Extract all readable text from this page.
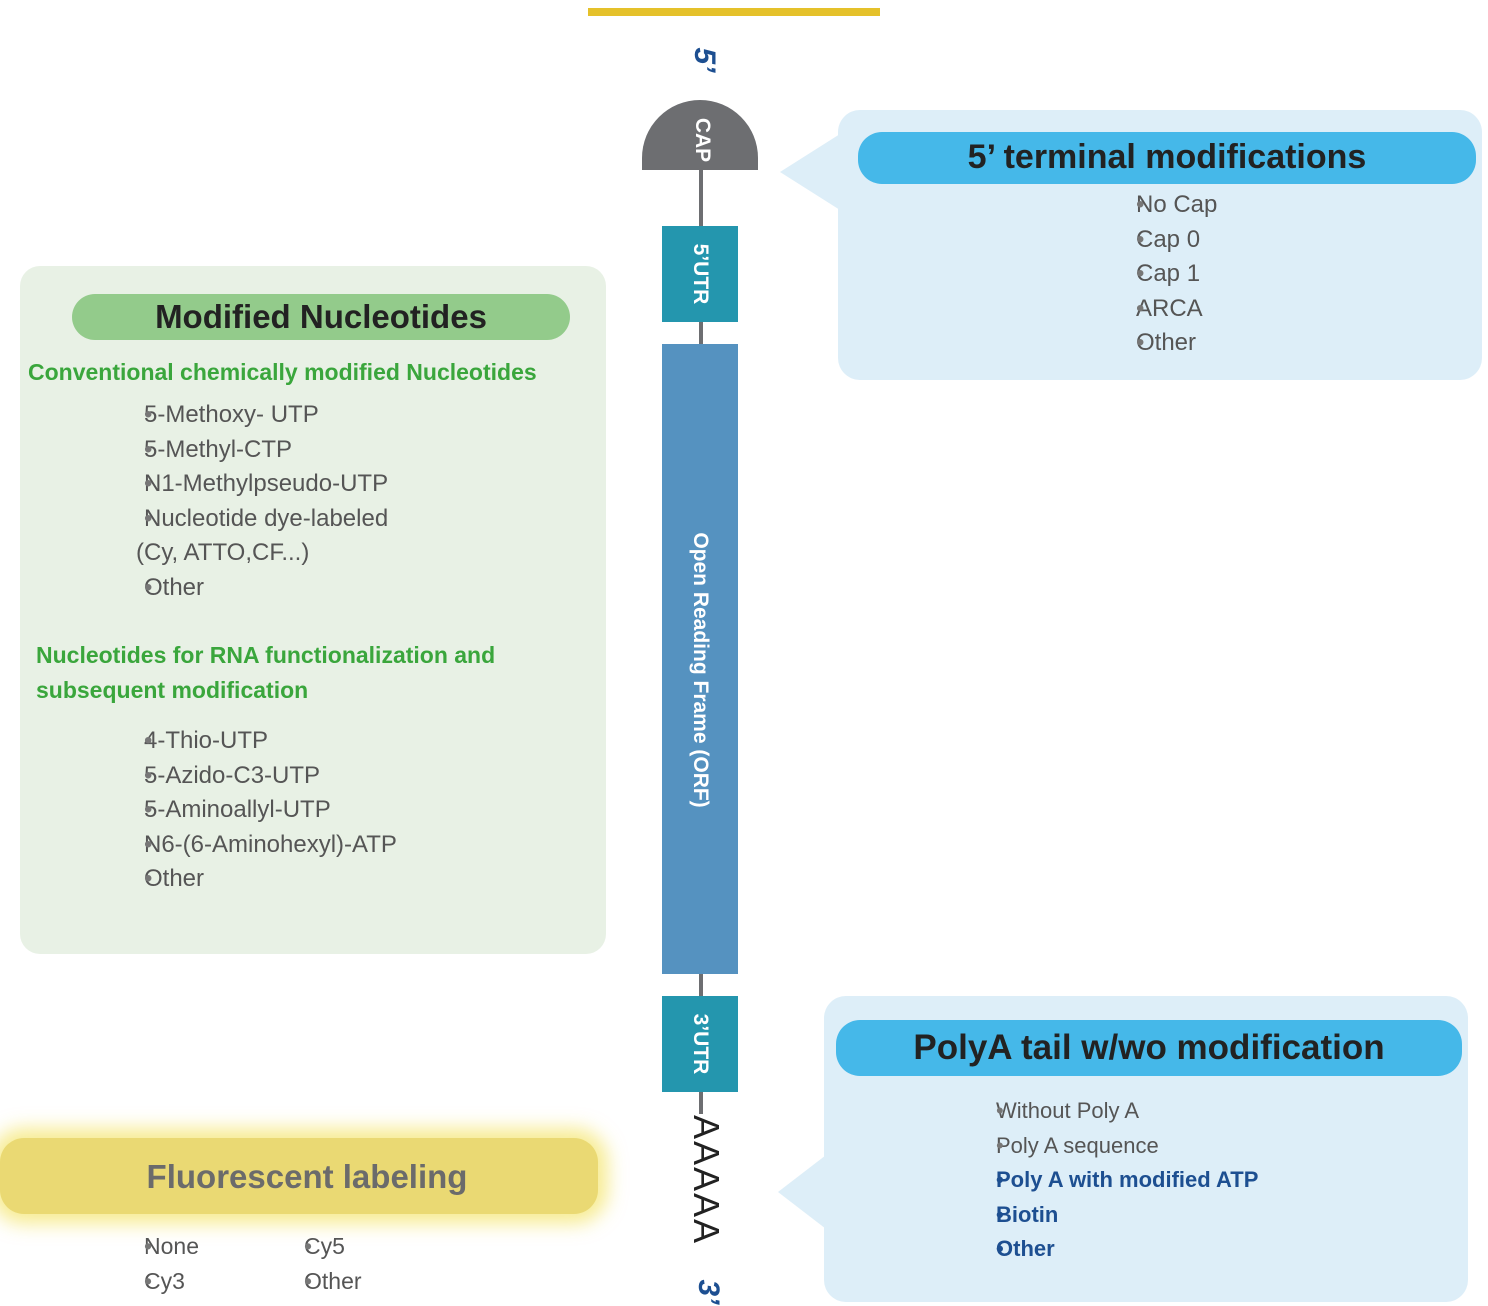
5’
CAP
5’UTR
Open Reading Frame (ORF)
3’UTR
AAAAA
3’
5’ terminal modifications
• No Cap
• Cap 0
• Cap 1
• ARCA
• Other
Modified Nucleotides
Conventional chemically modified Nucleotides
• 5-Methoxy- UTP
• 5-Methyl-CTP
• N1-Methylpseudo-UTP
• Nucleotide dye-labeled
(Cy, ATTO,CF...)
• Other
Nucleotides for RNA functionalization and
subsequent modification
• 4-Thio-UTP
• 5-Azido-C3-UTP
• 5-Aminoallyl-UTP
• N6-(6-Aminohexyl)-ATP
• Other
PolyA tail w/wo modification
• Without Poly A
• Poly A sequence
• Poly A with modified ATP
• Biotin
• Other
Fluorescent labeling
• None
• Cy3
• Cy5
• Other
